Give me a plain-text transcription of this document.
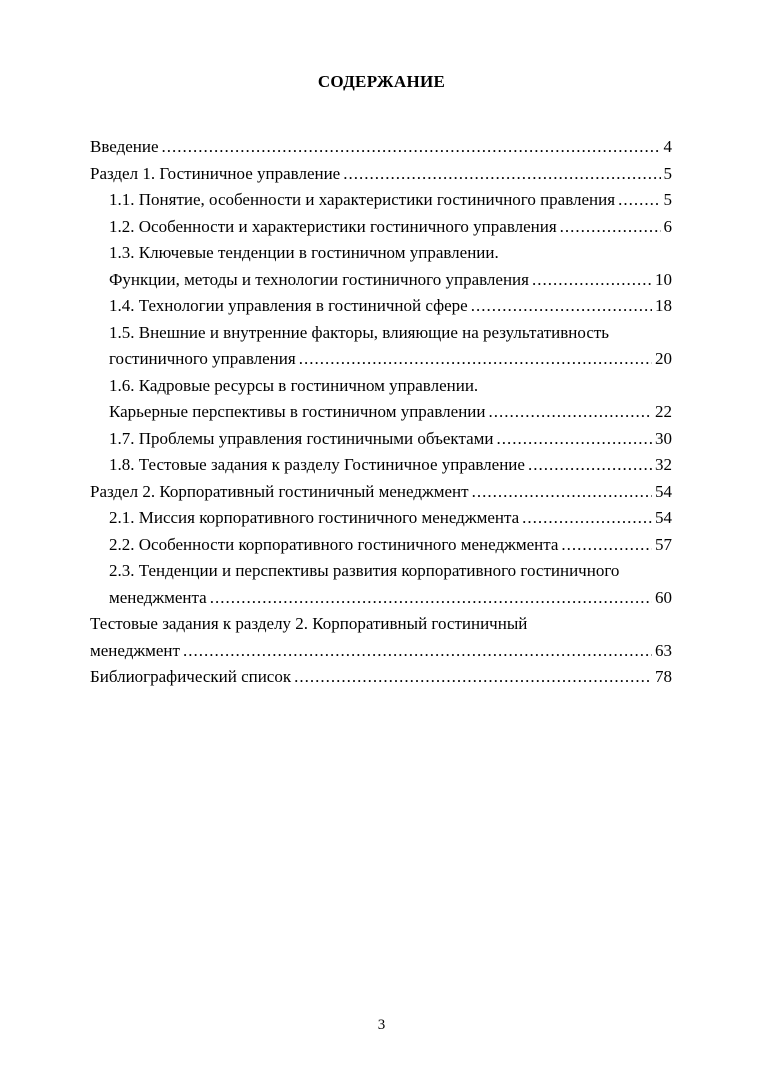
СОДЕРЖАНИЕ
Введение .....	4
Раздел 1. Гостиничное управление .....	5
1.1. Понятие, особенности и характеристики гостиничного правления .....	5
1.2. Особенности и характеристики гостиничного управления .....	6
1.3. Ключевые тенденции в гостиничном управлении.
Функции, методы и технологии гостиничного управления .....	10
1.4. Технологии управления в гостиничной сфере .....	18
1.5. Внешние и внутренние факторы, влияющие на результативность
гостиничного управления .....	20
1.6. Кадровые ресурсы в гостиничном управлении.
Карьерные перспективы в гостиничном управлении .....	22
1.7. Проблемы управления гостиничными объектами .....	30
1.8. Тестовые задания к разделу Гостиничное управление .....	32
Раздел 2. Корпоративный гостиничный менеджмент .....	54
2.1. Миссия корпоративного гостиничного менеджмента .....	54
2.2. Особенности корпоративного гостиничного менеджмента .....	57
2.3. Тенденции и перспективы развития корпоративного гостиничного
менеджмента .....	60
Тестовые задания к разделу 2. Корпоративный гостиничный
менеджмент .....	63
Библиографический список .....	78
3
